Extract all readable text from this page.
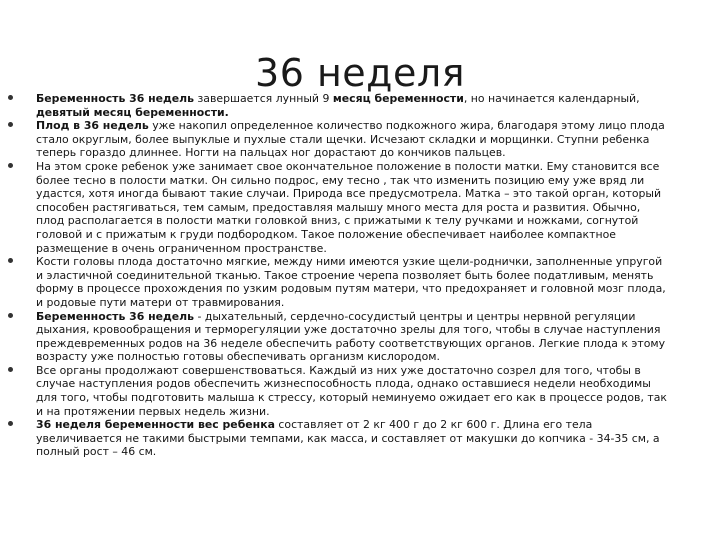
36 неделя
Беременность 36 недель завершается лунный 9 месяц беременности, но начинается календарный, девятый месяц беременности.
Плод в 36 недель уже накопил определенное количество подкожного жира, благодаря этому лицо плода стало округлым, более выпуклые и пухлые стали щечки. Исчезают складки и морщинки. Ступни ребенка теперь гораздо длиннее. Ногти на пальцах ног дорастают до кончиков пальцев.
На этом сроке ребенок уже занимает свое окончательное положение в полости матки. Ему становится все более тесно в полости матки. Он сильно подрос, ему тесно , так что изменить позицию ему уже вряд ли удастся, хотя иногда бывают такие случаи. Природа все предусмотрела. Матка – это такой орган, который способен растягиваться, тем самым, предоставляя малышу много места для роста и развития. Обычно, плод располагается в полости матки головкой вниз, с прижатыми к телу ручками и ножками, согнутой головой и с прижатым к груди подбородком. Такое положение обеспечивает наиболее компактное размещение в очень ограниченном пространстве.
Кости головы плода достаточно мягкие, между ними имеются узкие щели-роднички, заполненные упругой и эластичной соединительной тканью. Такое строение черепа позволяет быть более податливым, менять форму в процессе прохождения по узким родовым путям матери, что предохраняет и головной мозг плода, и родовые пути матери от травмирования.
Беременность 36 недель - дыхательный, сердечно-сосудистый центры и центры нервной регуляции дыхания, кровообращения и терморегуляции уже достаточно зрелы для того, чтобы в случае наступления преждевременных родов на 36 неделе обеспечить работу соответствующих органов. Легкие плода к этому возрасту уже полностью готовы обеспечивать организм кислородом.
Все органы продолжают совершенствоваться. Каждый из них уже достаточно созрел для того, чтобы в случае наступления родов обеспечить жизнеспособность плода, однако оставшиеся недели необходимы для того, чтобы подготовить малыша к стрессу, который неминуемо ожидает его как в процессе родов, так и на протяжении первых недель жизни.
36 неделя беременности вес ребенка составляет от 2 кг 400 г до 2 кг 600 г. Длина его тела увеличивается не такими быстрыми темпами, как масса, и составляет от макушки до копчика - 34-35 см, а полный рост – 46 см.
